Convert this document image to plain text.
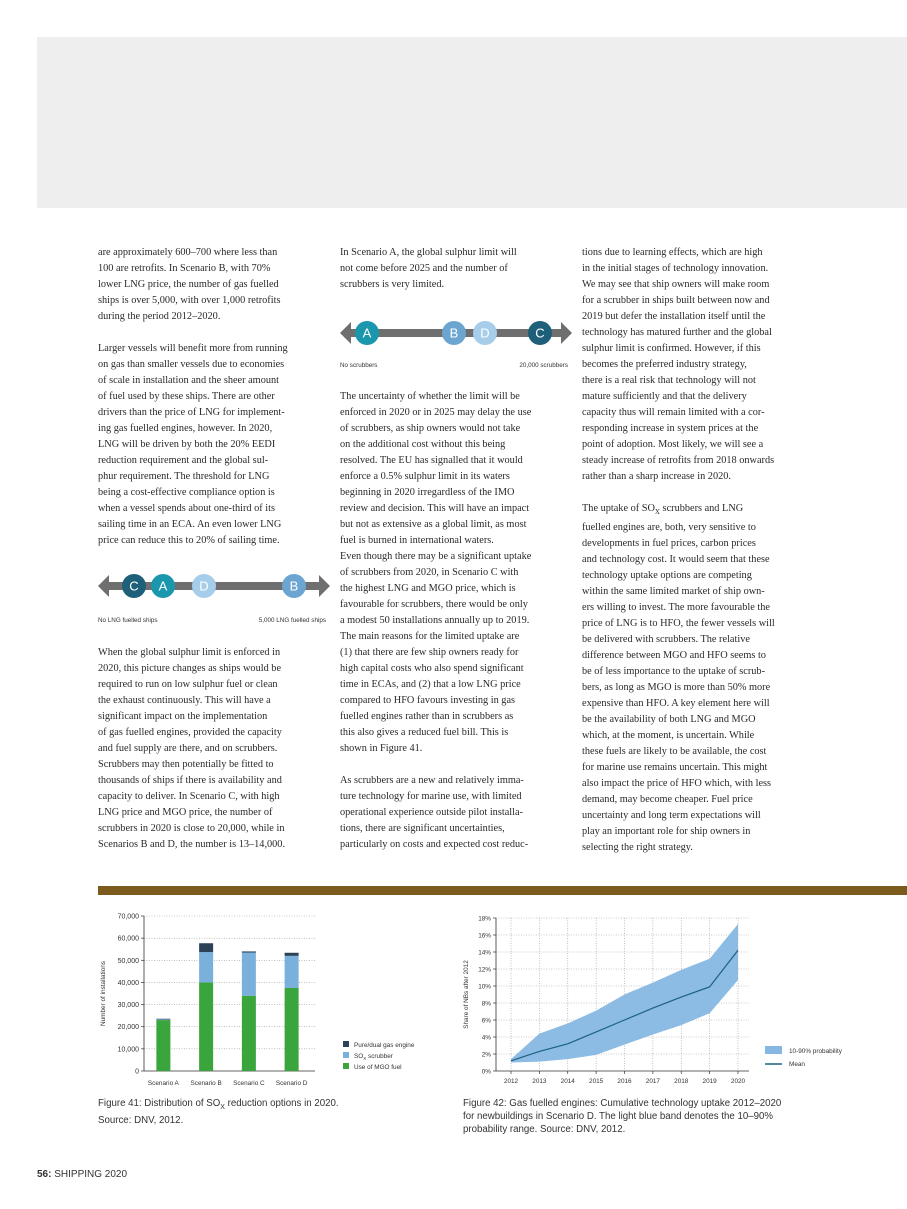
are approximately 600–700 where less than
100 are retrofits. In Scenario B, with 70%
lower LNG price, the number of gas fuelled
ships is over 5,000, with over 1,000 retrofits
during the period 2012–2020.

Larger vessels will benefit more from running
on gas than smaller vessels due to economies
of scale in installation and the sheer amount
of fuel used by these ships. There are other
drivers than the price of LNG for implement-
ing gas fuelled engines, however. In 2020,
LNG will be driven by both the 20% EEDI
reduction requirement and the global sul-
phur requirement. The threshold for LNG
being a cost-effective compliance option is
when a vessel spends about one-third of its
sailing time in an ECA. An even lower LNG
price can reduce this to 20% of sailing time.
When the global sulphur limit is enforced in
2020, this picture changes as ships would be
required to run on low sulphur fuel or clean
the exhaust continuously. This will have a
significant impact on the implementation
of gas fuelled engines, provided the capacity
and fuel supply are there, and on scrubbers.
Scrubbers may then potentially be fitted to
thousands of ships if there is availability and
capacity to deliver. In Scenario C, with high
LNG price and MGO price, the number of
scrubbers in 2020 is close to 20,000, while in
Scenarios B and D, the number is 13–14,000.
In Scenario A, the global sulphur limit will
not come before 2025 and the number of
scrubbers is very limited.
The uncertainty of whether the limit will be
enforced in 2020 or in 2025 may delay the use
of scrubbers, as ship owners would not take
on the additional cost without this being
resolved. The EU has signalled that it would
enforce a 0.5% sulphur limit in its waters
beginning in 2020 irregardless of the IMO
review and decision. This will have an impact
but not as extensive as a global limit, as most
fuel is burned in international waters.
Even though there may be a significant uptake
of scrubbers from 2020, in Scenario C with
the highest LNG and MGO price, which is
favourable for scrubbers, there would be only
a modest 50 installations annually up to 2019.
The main reasons for the limited uptake are
(1) that there are few ship owners ready for
high capital costs who also spend significant
time in ECAs, and (2) that a low LNG price
compared to HFO favours investing in gas
fuelled engines rather than in scrubbers as
this also gives a reduced fuel bill. This is
shown in Figure 41.

As scrubbers are a new and relatively imma-
ture technology for marine use, with limited
operational experience outside pilot installa-
tions, there are significant uncertainties,
particularly on costs and expected cost reduc-
tions due to learning effects, which are high
in the initial stages of technology innovation.
We may see that ship owners will make room
for a scrubber in ships built between now and
2019 but defer the installation itself until the
technology has matured further and the global
sulphur limit is confirmed. However, if this
becomes the preferred industry strategy,
there is a real risk that technology will not
mature sufficiently and that the delivery
capacity thus will remain limited with a cor-
responding increase in system prices at the
point of adoption. Most likely, we will see a
steady increase of retrofits from 2018 onwards
rather than a sharp increase in 2020.

The uptake of $SO_X$ scrubbers and LNG
fuelled engines are, both, very sensitive to
developments in fuel prices, carbon prices
and technology cost. It would seem that these
technology uptake options are competing
within the same limited market of ship own-
ers willing to invest. The more favourable the
price of LNG is to HFO, the fewer vessels will
be delivered with scrubbers. The relative
difference between MGO and HFO seems to
be of less importance to the uptake of scrub-
bers, as long as MGO is more than 50% more
expensive than HFO. A key element here will
be the availability of both LNG and MGO
which, at the moment, is uncertain. While
these fuels are likely to be available, the cost
for marine use remains uncertain. This might
also impact the price of HFO which, with less
demand, may become cheaper. Fuel price
uncertainty and long term expectations will
play an important role for ship owners in
selecting the right strategy.
C A D	B
No LNG fuelled ships	5,000 LNG fuelled ships
A	B D	C
No scrubbers	20,000 scrubbers
0
10,000
20,000
30,000
40,000
50,000
60,000
70,000
Number of installations
Scenario A Scenario B Scenario C Scenario D
Pure/dual gas engine
$SO_X$ scrubber
Use of MGO fuel
Figure 41: Distribution of $SO_X$ reduction options in 2020.
Source: DNV, 2012.
0%
2%
4%
6%
8%
10%
12%
14%
16%
18%
2012 2013 2014 2015 2016 2017 2018 2019 2020
Share of NBs after 2012
10-90% probability
Mean
Figure 42: Gas fuelled engines: Cumulative technology uptake 2012–2020
for newbuildings in Scenario D. The light blue band denotes the 10–90%
probability range. Source: DNV, 2012.
56: SHIPPING 2020
